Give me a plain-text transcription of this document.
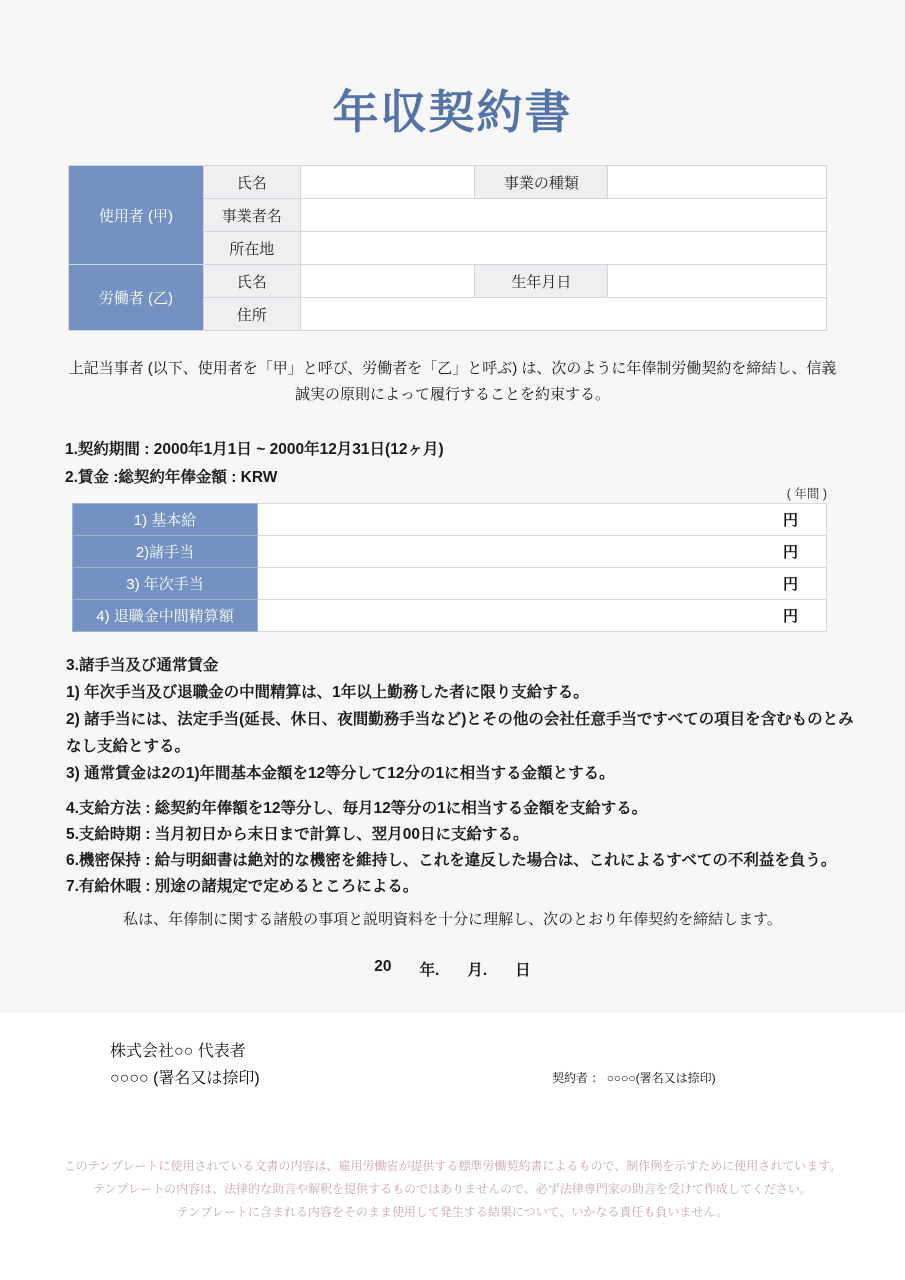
年収契約書
使用者 (甲)	氏名		事業の種類	
	事業者名			
	所在地			
労働者 (乙)	氏名		生年月日	
	住所			
上記当事者 (以下、使用者を「甲」と呼び、労働者を「乙」と呼ぶ) は、次のように年俸制労働契約を締結し、信義
誠実の原則によって履行することを約束する。
1.契約期間 : 2000年1月1日 ~ 2000年12月31日(12ヶ月)
2.賃金 :総契約年俸金額 : KRW
( 年間 )
1) 基本給	円
2)諸手当	円
3) 年次手当	円
4) 退職金中間精算額	円
3.諸手当及び通常賃金
1) 年次手当及び退職金の中間精算は、1年以上勤務した者に限り支給する。
2) 諸手当には、法定手当(延長、休日、夜間勤務手当など)とその他の会社任意手当ですべての項目を含むものとみなし支給とする。
3) 通常賃金は2の1)年間基本金額を12等分して12分の1に相当する金額とする。
4.支給方法 : 総契約年俸額を12等分し、毎月12等分の1に相当する金額を支給する。
5.支給時期 : 当月初日から末日まで計算し、翌月00日に支給する。
6.機密保持 : 給与明細書は絶対的な機密を維持し、これを違反した場合は、これによるすべての不利益を負う。
7.有給休暇 : 別途の諸規定で定めるところによる。
私は、年俸制に関する諸般の事項と説明資料を十分に理解し、次のとおり年俸契約を締結します。
20 年. 月. 日
株式会社○○ 代表者
○○○○ (署名又は捺印)	契約者 ： ○○○○(署名又は捺印)
このテンプレートに使用されている文書の内容は、雇用労働省が提供する標準労働契約書によるもので、制作例を示すために使用されています。
テンプレートの内容は、法律的な助言や解釈を提供するものではありませんので、必ず法律専門家の助言を受けて作成してください。
テンプレートに含まれる内容をそのまま使用して発生する結果について、いかなる責任も負いません。
